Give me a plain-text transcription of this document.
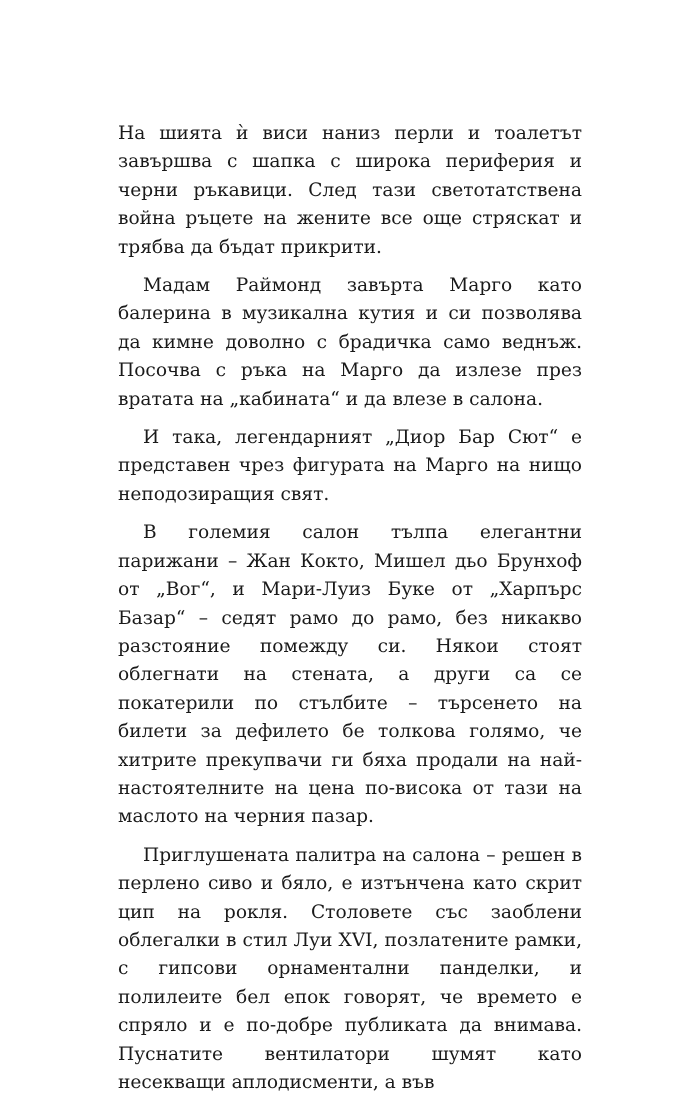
На шията ѝ виси наниз перли и тоалетът завършва с шапка с широка периферия и черни ръкавици. След тази светотатствена война ръцете на жените все още стряскат и трябва да бъдат прикрити.

Мадам Раймонд завърта Марго като балерина в музикална кутия и си позволява да кимне доволно с брадичка само веднъж. Посочва с ръка на Марго да излезе през вратата на „кабината“ и да влезе в салона.

И така, легендарният „Диор Бар Сют“ е представен чрез фигурата на Марго на нищо неподозиращия свят.

В големия салон тълпа елегантни парижани – Жан Кокто, Мишел дьо Брунхоф от „Вог“, и Мари-Луиз Буке от „Харпърс Базар“ – седят рамо до рамо, без никакво разстояние помежду си. Някои стоят облегнати на стената, а други са се покатерили по стълбите – търсенето на билети за дефилето бе толкова голямо, че хитрите прекупвачи ги бяха продали на най-настоятелните на цена по-висока от тази на маслото на черния пазар.

Приглушената палитра на салона – решен в перлено сиво и бяло, е изтънчена като скрит цип на рокля. Столовете със заоблени облегалки в стил Луи XVI, позлатените рамки, с гипсови орнаментални панделки, и полилеите бел епок говорят, че времето е спряло и е по-добре публиката да внимава. Пуснатите вентилатори шумят като несекващи аплодисменти, а във
